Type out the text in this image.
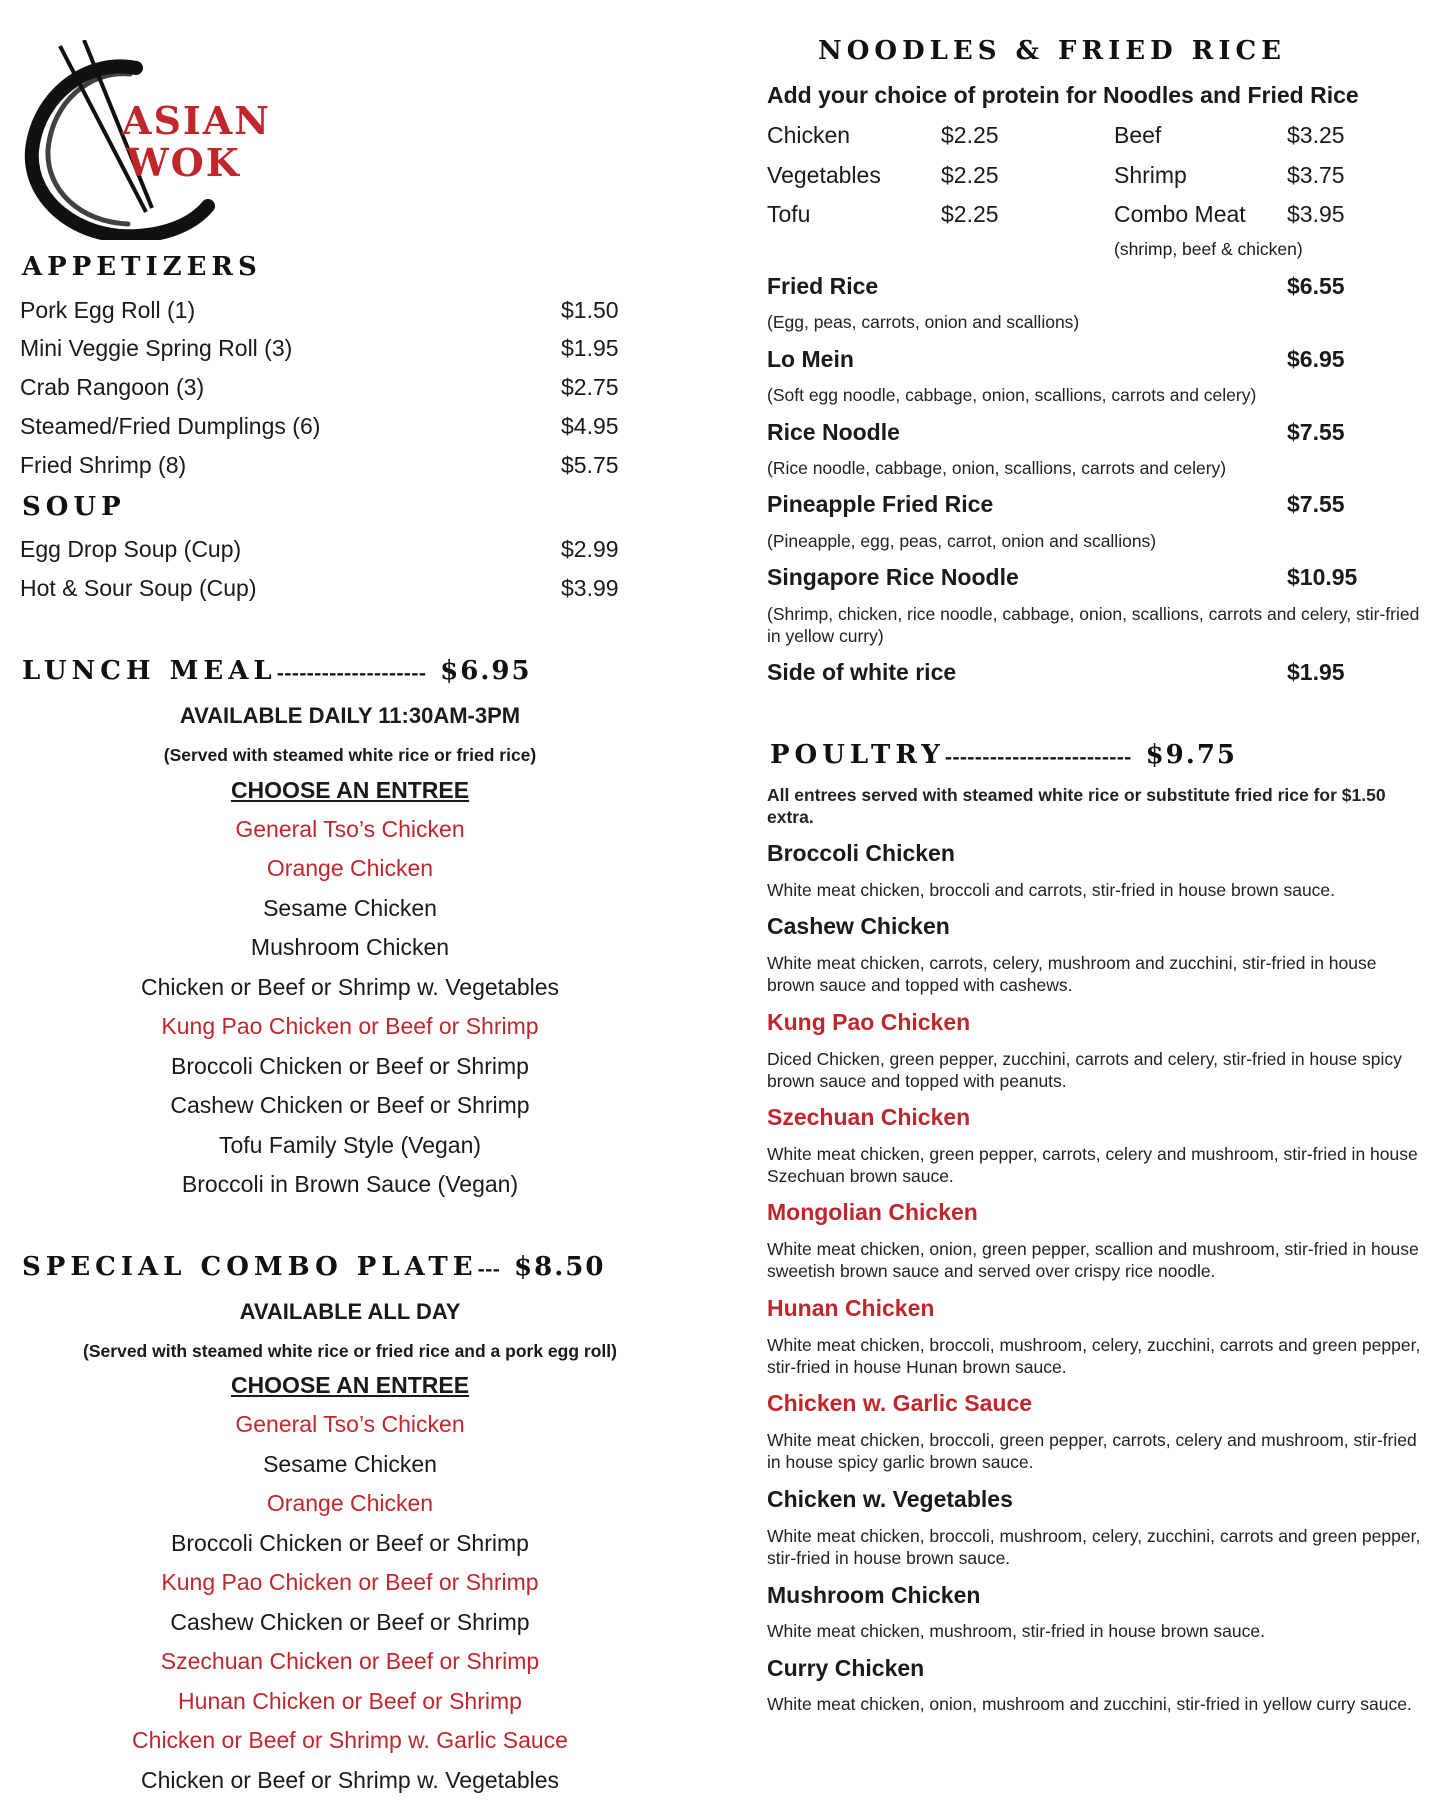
ASIAN
WOK
APPETIZERS
Pork Egg Roll (1)	$1.50
Mini Veggie Spring Roll (3)	$1.95
Crab Rangoon (3)	$2.75
Steamed/Fried Dumplings (6)	$4.95
Fried Shrimp (8)	$5.75
SOUP
Egg Drop Soup (Cup)	$2.99
Hot & Sour Soup (Cup)	$3.99
LUNCH MEAL-------------------- $6.95
AVAILABLE DAILY 11:30AM-3PM
(Served with steamed white rice or fried rice)
CHOOSE AN ENTREE
General Tso’s Chicken
Orange Chicken
Sesame Chicken
Mushroom Chicken
Chicken or Beef or Shrimp w. Vegetables
Kung Pao Chicken or Beef or Shrimp
Broccoli Chicken or Beef or Shrimp
Cashew Chicken or Beef or Shrimp
Tofu Family Style (Vegan)
Broccoli in Brown Sauce (Vegan)
SPECIAL COMBO PLATE--- $8.50
AVAILABLE ALL DAY
(Served with steamed white rice or fried rice and a pork egg roll)
CHOOSE AN ENTREE
General Tso’s Chicken
Sesame Chicken
Orange Chicken
Broccoli Chicken or Beef or Shrimp
Kung Pao Chicken or Beef or Shrimp
Cashew Chicken or Beef or Shrimp
Szechuan Chicken or Beef or Shrimp
Hunan Chicken or Beef or Shrimp
Chicken or Beef or Shrimp w. Garlic Sauce
Chicken or Beef or Shrimp w. Vegetables
NOODLES & FRIED RICE
Add your choice of protein for Noodles and Fried Rice
Chicken	$2.25	Beef	$3.25
Vegetables	$2.25	Shrimp	$3.75
Tofu	$2.25	Combo Meat $3.95
(shrimp, beef & chicken)
Fried Rice	$6.55
(Egg, peas, carrots, onion and scallions)
Lo Mein	$6.95
(Soft egg noodle, cabbage, onion, scallions, carrots and celery)
Rice Noodle	$7.55
(Rice noodle, cabbage, onion, scallions, carrots and celery)
Pineapple Fried Rice	$7.55
(Pineapple, egg, peas, carrot, onion and scallions)
Singapore Rice Noodle	$10.95
(Shrimp, chicken, rice noodle, cabbage, onion, scallions, carrots and celery, stir-fried in yellow curry)
Side of white rice	$1.95
POULTRY------------------------- $9.75
All entrees served with steamed white rice or substitute fried rice for $1.50 extra.
Broccoli Chicken
White meat chicken, broccoli and carrots, stir-fried in house brown sauce.
Cashew Chicken
White meat chicken, carrots, celery, mushroom and zucchini, stir-fried in house brown sauce and topped with cashews.
Kung Pao Chicken
Diced Chicken, green pepper, zucchini, carrots and celery, stir-fried in house spicy brown sauce and topped with peanuts.
Szechuan Chicken
White meat chicken, green pepper, carrots, celery and mushroom, stir-fried in house Szechuan brown sauce.
Mongolian Chicken
White meat chicken, onion, green pepper, scallion and mushroom, stir-fried in house sweetish brown sauce and served over crispy rice noodle.
Hunan Chicken
White meat chicken, broccoli, mushroom, celery, zucchini, carrots and green pepper, stir-fried in house Hunan brown sauce.
Chicken w. Garlic Sauce
White meat chicken, broccoli, green pepper, carrots, celery and mushroom, stir-fried in house spicy garlic brown sauce.
Chicken w. Vegetables
White meat chicken, broccoli, mushroom, celery, zucchini, carrots and green pepper, stir-fried in house brown sauce.
Mushroom Chicken
White meat chicken, mushroom, stir-fried in house brown sauce.
Curry Chicken
White meat chicken, onion, mushroom and zucchini, stir-fried in yellow curry sauce.
